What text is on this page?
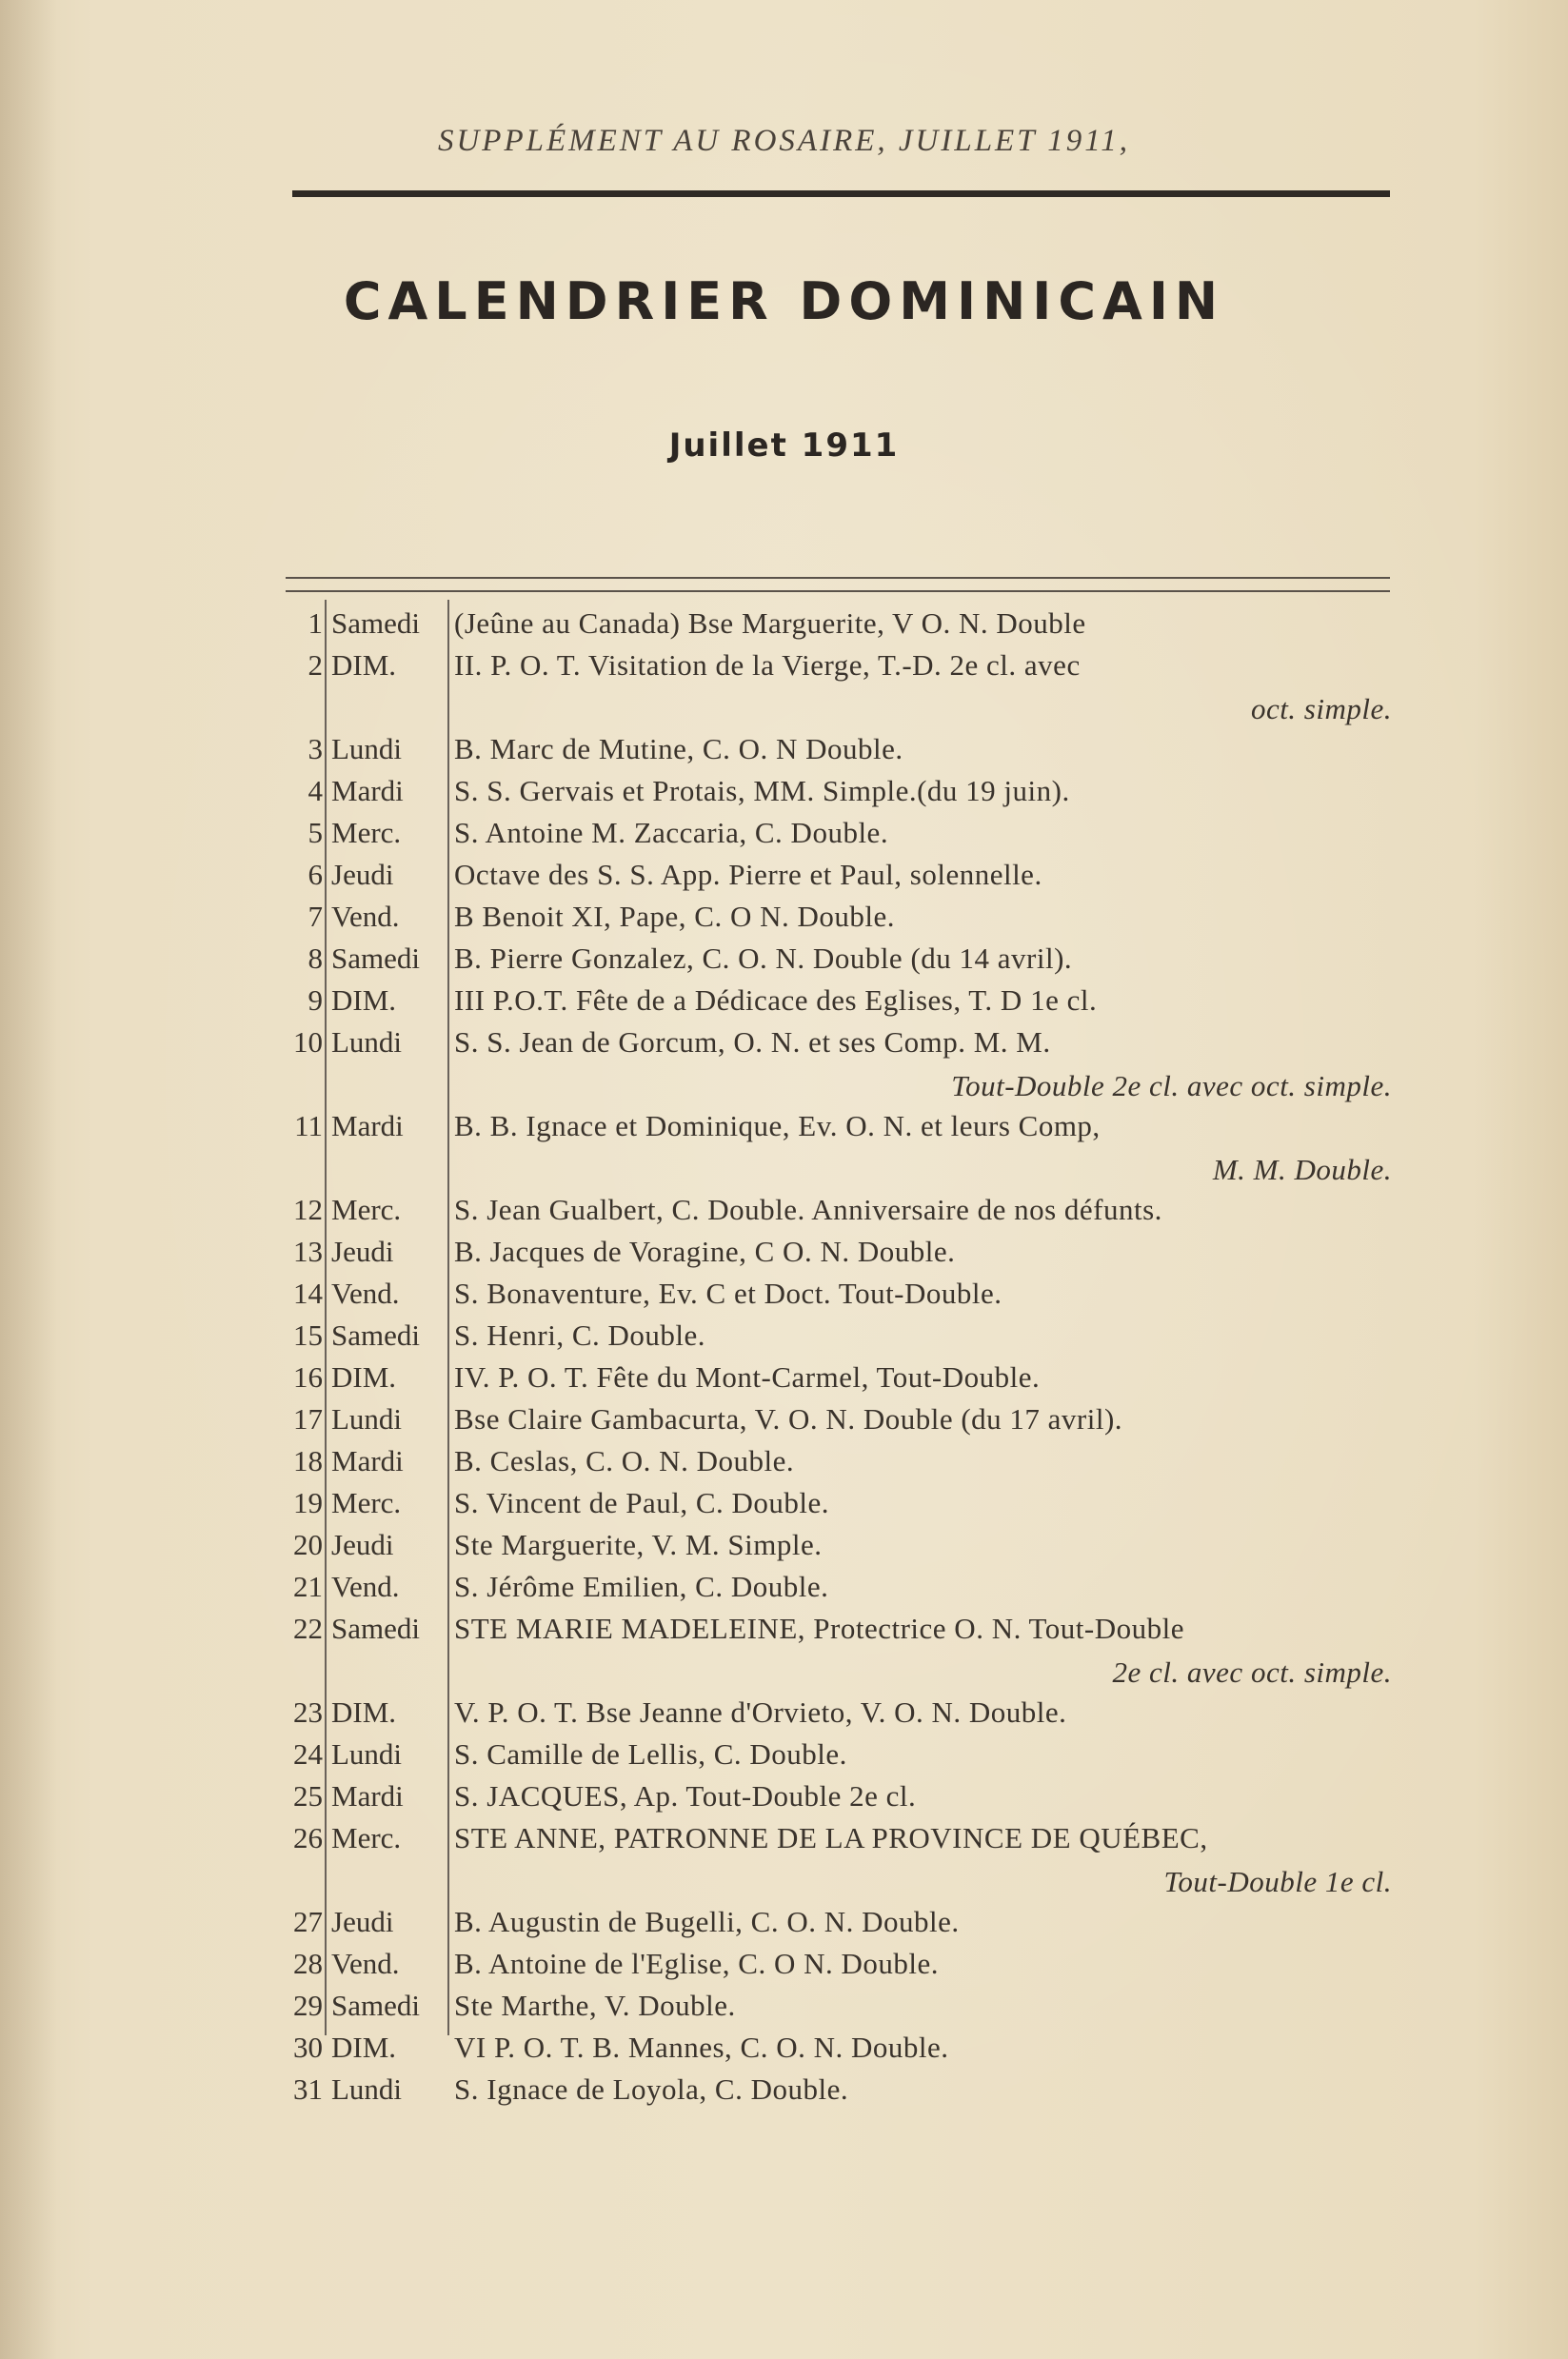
SUPPLÉMENT AU ROSAIRE, JUILLET 1911,
CALENDRIER DOMINICAIN
Juillet 1911
1 Samedi	(Jeûne au Canada) Bse Marguerite, V O. N. Double
2 DIM.	II. P. O. T. Visitation de la Vierge, T.-D. 2e cl. avec
oct. simple.
3 Lundi	B. Marc de Mutine, C. O. N Double.
4 Mardi	S. S. Gervais et Protais, MM. Simple.(du 19 juin).
5 Merc.	S. Antoine M. Zaccaria, C. Double.
6 Jeudi	Octave des S. S. App. Pierre et Paul, solennelle.
7 Vend.	B Benoit XI, Pape, C. O N. Double.
8 Samedi	B. Pierre Gonzalez, C. O. N. Double (du 14 avril).
9 DIM.	III P.O.T. Fête de a Dédicace des Eglises, T. D 1e cl.
10 Lundi	S. S. Jean de Gorcum, O. N. et ses Comp. M. M.
Tout-Double 2e cl. avec oct. simple.
11 Mardi	B. B. Ignace et Dominique, Ev. O. N. et leurs Comp,
M. M. Double.
12 Merc.	S. Jean Gualbert, C. Double. Anniversaire de nos défunts.
13 Jeudi	B. Jacques de Voragine, C O. N. Double.
14 Vend.	S. Bonaventure, Ev. C et Doct. Tout-Double.
15 Samedi	S. Henri, C. Double.
16 DIM.	IV. P. O. T. Fête du Mont-Carmel, Tout-Double.
17 Lundi	Bse Claire Gambacurta, V. O. N. Double (du 17 avril).
18 Mardi	B. Ceslas, C. O. N. Double.
19 Merc.	S. Vincent de Paul, C. Double.
20 Jeudi	Ste Marguerite, V. M. Simple.
21 Vend.	S. Jérôme Emilien, C. Double.
22 Samedi	STE MARIE MADELEINE, Protectrice O. N. Tout-Double
2e cl. avec oct. simple.
23 DIM.	V. P. O. T. Bse Jeanne d'Orvieto, V. O. N. Double.
24 Lundi	S. Camille de Lellis, C. Double.
25 Mardi	S. JACQUES, Ap. Tout-Double 2e cl.
26 Merc.	STE ANNE, PATRONNE DE LA PROVINCE DE QUÉBEC,
Tout-Double 1e cl.
27 Jeudi	B. Augustin de Bugelli, C. O. N. Double.
28 Vend.	B. Antoine de l'Eglise, C. O N. Double.
29 Samedi	Ste Marthe, V. Double.
30 DIM.	VI P. O. T. B. Mannes, C. O. N. Double.
31 Lundi	S. Ignace de Loyola, C. Double.
